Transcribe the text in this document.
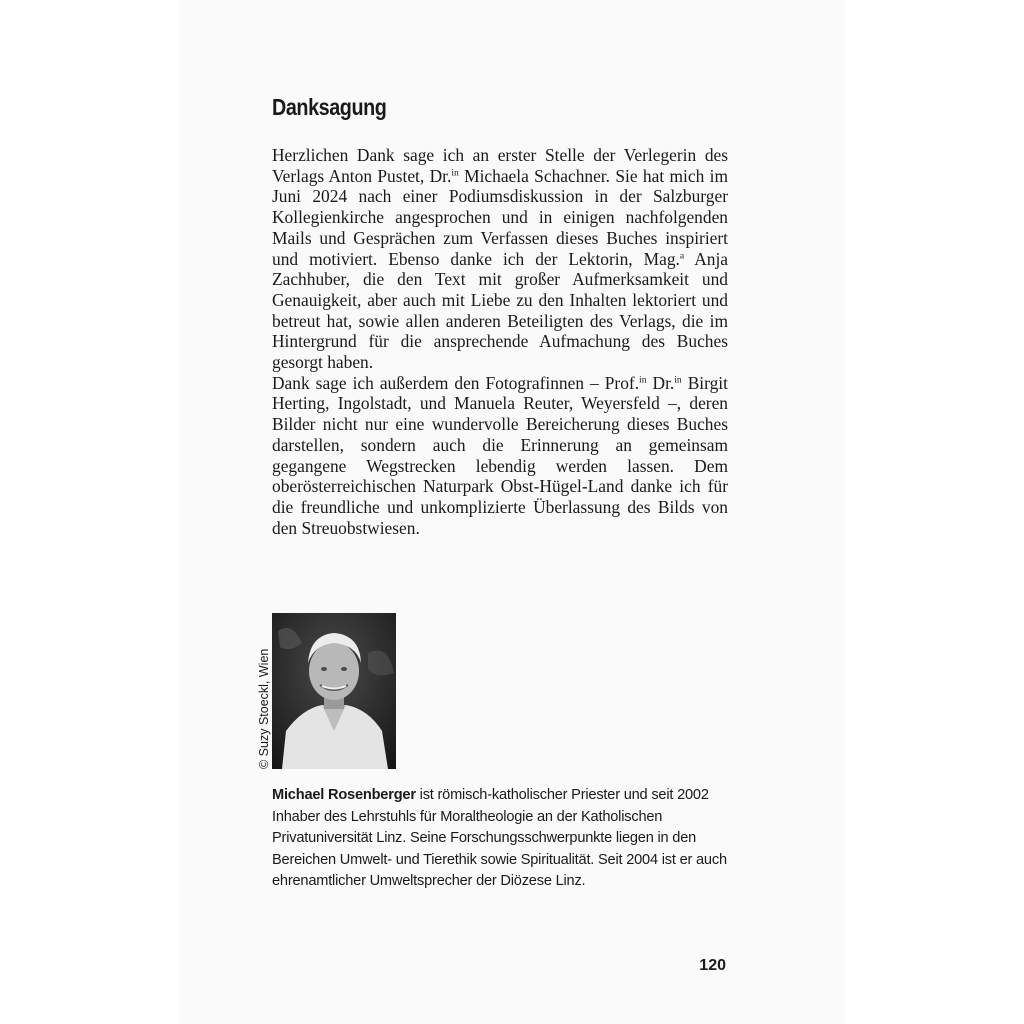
Danksagung

Herzlichen Dank sage ich an erster Stelle der Verlegerin des Verlags Anton Pustet, Dr.$^{in}$ Michaela Schachner. Sie hat mich im Juni 2024 nach einer Podiumsdiskussion in der Salzburger Kollegienkirche angesprochen und in einigen nachfolgenden Mails und Gesprächen zum Verfassen dieses Buches inspiriert und motiviert. Ebenso danke ich der Lektorin, Mag.$^a$ Anja Zachhuber, die den Text mit großer Aufmerksamkeit und Genauigkeit, aber auch mit Liebe zu den Inhalten lektoriert und betreut hat, sowie allen anderen Beteiligten des Verlags, die im Hintergrund für die ansprechende Aufmachung des Buches gesorgt haben.

Dank sage ich außerdem den Fotografinnen – Prof.$^{in}$ Dr.$^{in}$ Birgit Herting, Ingolstadt, und Manuela Reuter, Weyersfeld –, deren Bilder nicht nur eine wundervolle Bereicherung dieses Buches darstellen, sondern auch die Erinnerung an gemeinsam gegangene Wegstrecken lebendig werden lassen. Dem oberösterreichischen Naturpark Obst-Hügel-Land danke ich für die freundliche und unkomplizierte Überlassung des Bilds von den Streuobstwiesen.

© Suzy Stoeckl, Wien

Michael Rosenberger ist römisch-katholischer Priester und seit 2002 Inhaber des Lehrstuhls für Moraltheologie an der Katholischen Privatuniversität Linz. Seine Forschungsschwerpunkte liegen in den Bereichen Umwelt- und Tierethik sowie Spiritualität. Seit 2004 ist er auch ehrenamtlicher Umweltsprecher der Diözese Linz.

120
